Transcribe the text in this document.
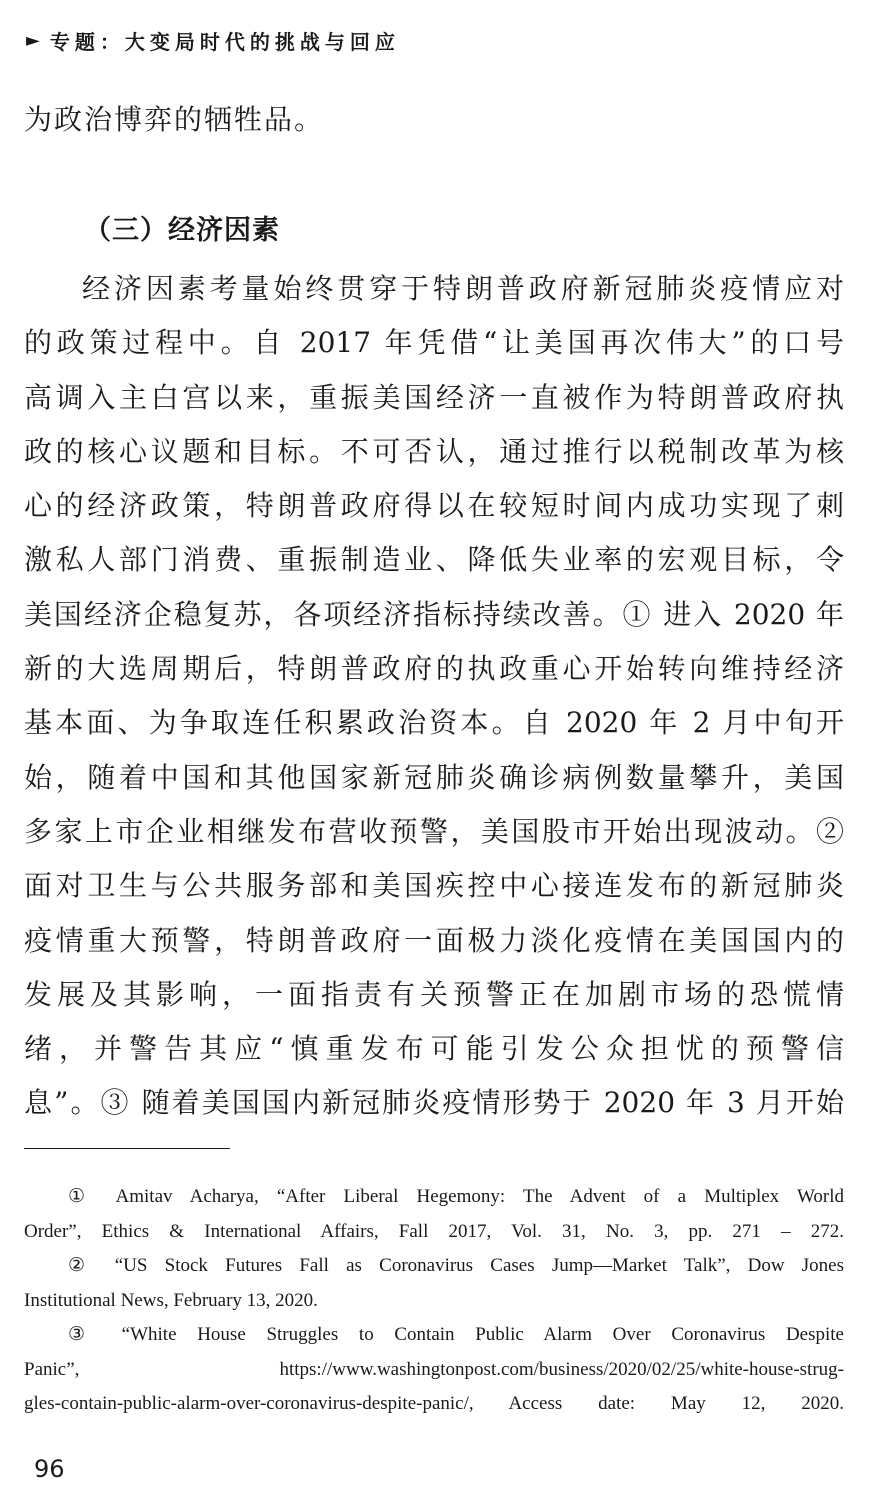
► 专题：大变局时代的挑战与回应
为政治博弈的牺牲品。
（三）经济因素
经济因素考量始终贯穿于特朗普政府新冠肺炎疫情应对
的政策过程中。自 2017 年凭借“让美国再次伟大”的口号
高调入主白宫以来，重振美国经济一直被作为特朗普政府执
政的核心议题和目标。不可否认，通过推行以税制改革为核
心的经济政策，特朗普政府得以在较短时间内成功实现了刺
激私人部门消费、重振制造业、降低失业率的宏观目标，令
美国经济企稳复苏，各项经济指标持续改善。① 进入 2020 年
新的大选周期后，特朗普政府的执政重心开始转向维持经济
基本面、为争取连任积累政治资本。自 2020 年 2 月中旬开
始，随着中国和其他国家新冠肺炎确诊病例数量攀升，美国
多家上市企业相继发布营收预警，美国股市开始出现波动。②
面对卫生与公共服务部和美国疾控中心接连发布的新冠肺炎
疫情重大预警，特朗普政府一面极力淡化疫情在美国国内的
发展及其影响，一面指责有关预警正在加剧市场的恐慌情
绪，并警告其应“慎重发布可能引发公众担忧的预警信
息”。③ 随着美国国内新冠肺炎疫情形势于 2020 年 3 月开始
① Amitav Acharya, “After Liberal Hegemony: The Advent of a Multiplex World
Order”, Ethics & International Affairs, Fall 2017, Vol. 31, No. 3, pp. 271 – 272.
② “US Stock Futures Fall as Coronavirus Cases Jump—Market Talk”, Dow Jones
Institutional News, February 13, 2020.
③ “White House Struggles to Contain Public Alarm Over Coronavirus Despite
Panic”, https://www.washingtonpost.com/business/2020/02/25/white-house-strug-
gles-contain-public-alarm-over-coronavirus-despite-panic/, Access date: May 12, 2020.
96
